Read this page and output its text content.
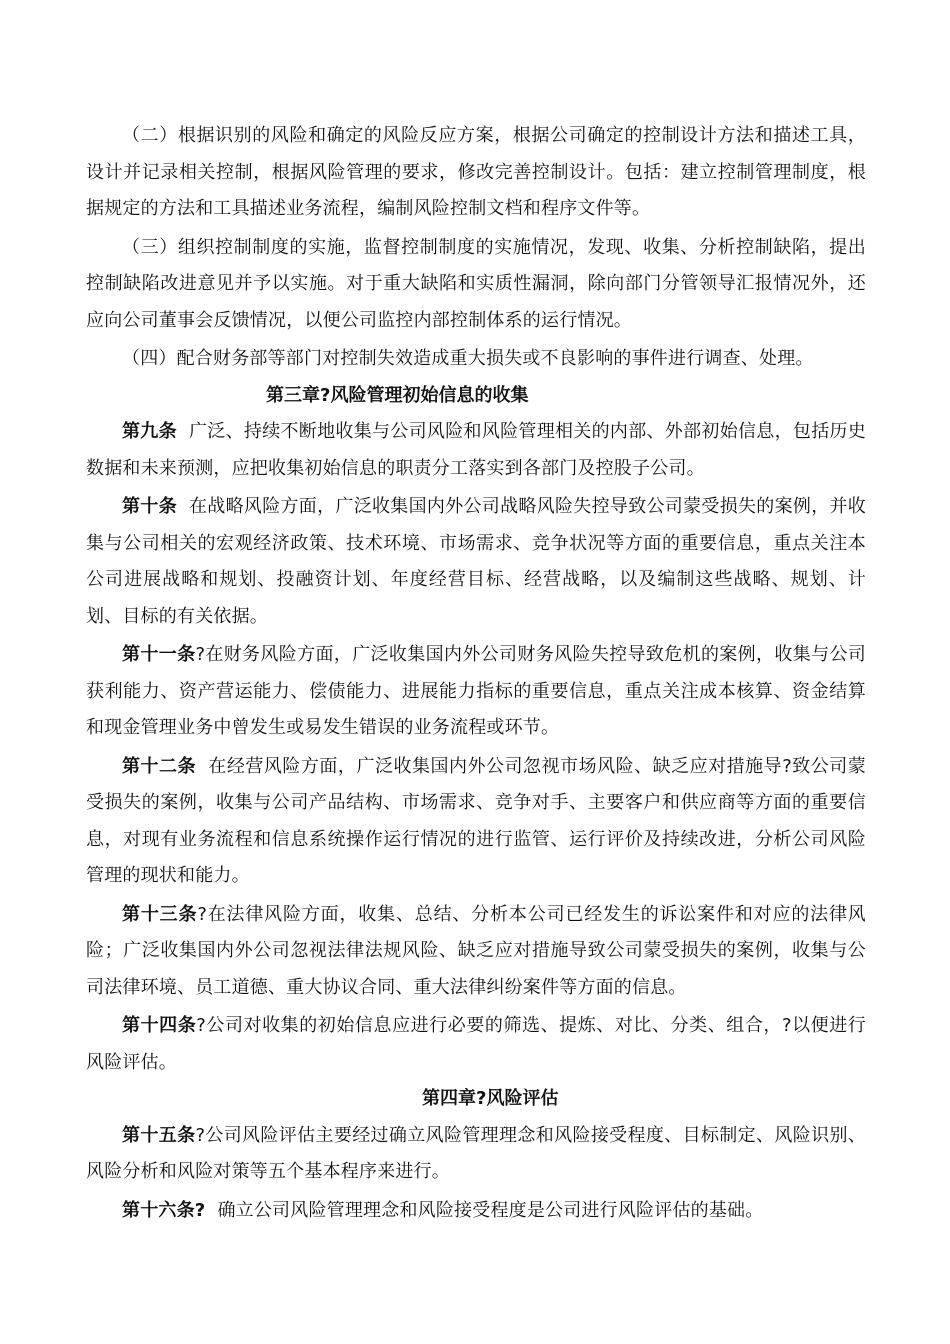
（二）根据识别的风险和确定的风险反应方案，根据公司确定的控制设计方法和描述工具，设计并记录相关控制，根据风险管理的要求，修改完善控制设计。包括：建立控制管理制度，根据规定的方法和工具描述业务流程，编制风险控制文档和程序文件等。

（三）组织控制制度的实施，监督控制制度的实施情况，发现、收集、分析控制缺陷，提出控制缺陷改进意见并予以实施。对于重大缺陷和实质性漏洞，除向部门分管领导汇报情况外，还应向公司董事会反馈情况，以便公司监控内部控制体系的运行情况。

（四）配合财务部等部门对控制失效造成重大损失或不良影响的事件进行调查、处理。

第三章?风险管理初始信息的收集

第九条 广泛、持续不断地收集与公司风险和风险管理相关的内部、外部初始信息，包括历史数据和未来预测，应把收集初始信息的职责分工落实到各部门及控股子公司。

第十条 在战略风险方面，广泛收集国内外公司战略风险失控导致公司蒙受损失的案例，并收集与公司相关的宏观经济政策、技术环境、市场需求、竞争状况等方面的重要信息，重点关注本公司进展战略和规划、投融资计划、年度经营目标、经营战略，以及编制这些战略、规划、计划、目标的有关依据。

第十一条?在财务风险方面，广泛收集国内外公司财务风险失控导致危机的案例，收集与公司获利能力、资产营运能力、偿债能力、进展能力指标的重要信息，重点关注成本核算、资金结算和现金管理业务中曾发生或易发生错误的业务流程或环节。

第十二条 在经营风险方面，广泛收集国内外公司忽视市场风险、缺乏应对措施导?致公司蒙受损失的案例，收集与公司产品结构、市场需求、竞争对手、主要客户和供应商等方面的重要信息，对现有业务流程和信息系统操作运行情况的进行监管、运行评价及持续改进，分析公司风险管理的现状和能力。

第十三条?在法律风险方面，收集、总结、分析本公司已经发生的诉讼案件和对应的法律风险；广泛收集国内外公司忽视法律法规风险、缺乏应对措施导致公司蒙受损失的案例，收集与公司法律环境、员工道德、重大协议合同、重大法律纠纷案件等方面的信息。

第十四条?公司对收集的初始信息应进行必要的筛选、提炼、对比、分类、组合，?以便进行风险评估。

第四章?风险评估

第十五条?公司风险评估主要经过确立风险管理理念和风险接受程度、目标制定、风险识别、风险分析和风险对策等五个基本程序来进行。

第十六条? 确立公司风险管理理念和风险接受程度是公司进行风险评估的基础。
